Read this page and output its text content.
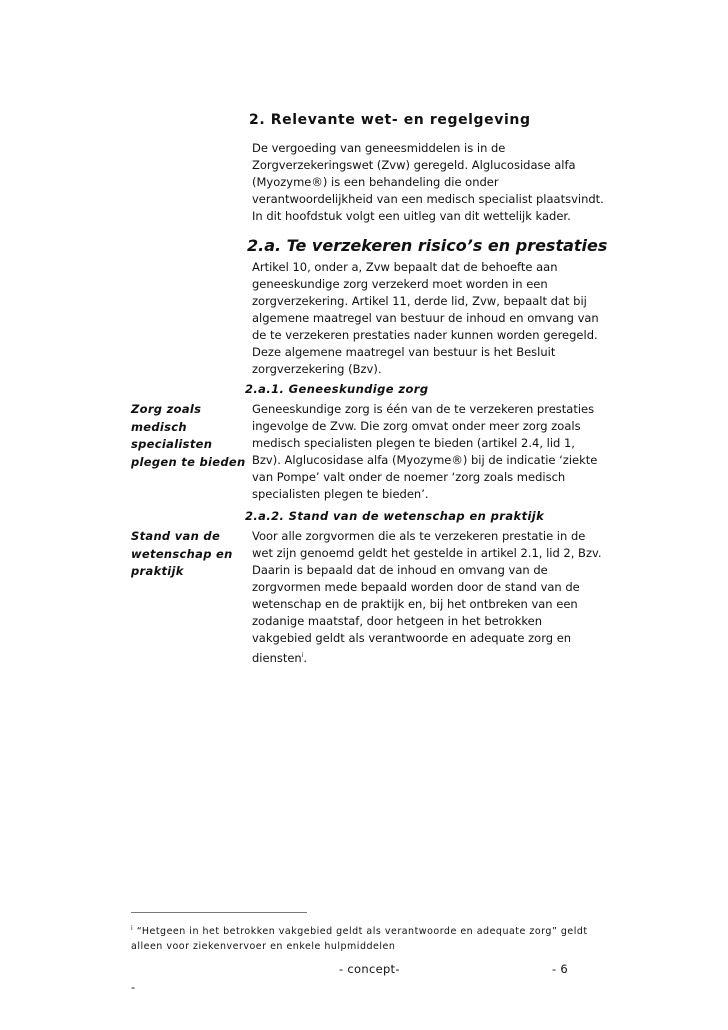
2. Relevante wet- en regelgeving
De vergoeding van geneesmiddelen is in de Zorgverzekeringswet (Zvw) geregeld. Alglucosidase alfa (Myozyme®) is een behandeling die onder verantwoordelijkheid van een medisch specialist plaatsvindt. In dit hoofdstuk volgt een uitleg van dit wettelijk kader.
2.a. Te verzekeren risico’s en prestaties
Artikel 10, onder a, Zvw bepaalt dat de behoefte aan geneeskundige zorg verzekerd moet worden in een zorgverzekering. Artikel 11, derde lid, Zvw, bepaalt dat bij algemene maatregel van bestuur de inhoud en omvang van de te verzekeren prestaties nader kunnen worden geregeld. Deze algemene maatregel van bestuur is het Besluit zorgverzekering (Bzv).
2.a.1. Geneeskundige zorg
Zorg zoals medisch specialisten plegen te bieden
Geneeskundige zorg is één van de te verzekeren prestaties ingevolge de Zvw. Die zorg omvat onder meer zorg zoals medisch specialisten plegen te bieden (artikel 2.4, lid 1, Bzv). Alglucosidase alfa (Myozyme®) bij de indicatie ‘ziekte van Pompe’ valt onder de noemer ‘zorg zoals medisch specialisten plegen te bieden’.
2.a.2. Stand van de wetenschap en praktijk
Stand van de wetenschap en praktijk
Voor alle zorgvormen die als te verzekeren prestatie in de wet zijn genoemd geldt het gestelde in artikel 2.1, lid 2, Bzv. Daarin is bepaald dat de inhoud en omvang van de zorgvormen mede bepaald worden door de stand van de wetenschap en de praktijk en, bij het ontbreken van een zodanige maatstaf, door hetgeen in het betrokken vakgebied geldt als verantwoorde en adequate zorg en diensten$^i$.
$^i$ “Hetgeen in het betrokken vakgebied geldt als verantwoorde en adequate zorg” geldt alleen voor ziekenvervoer en enkele hulpmiddelen
- concept-	- 6
-
